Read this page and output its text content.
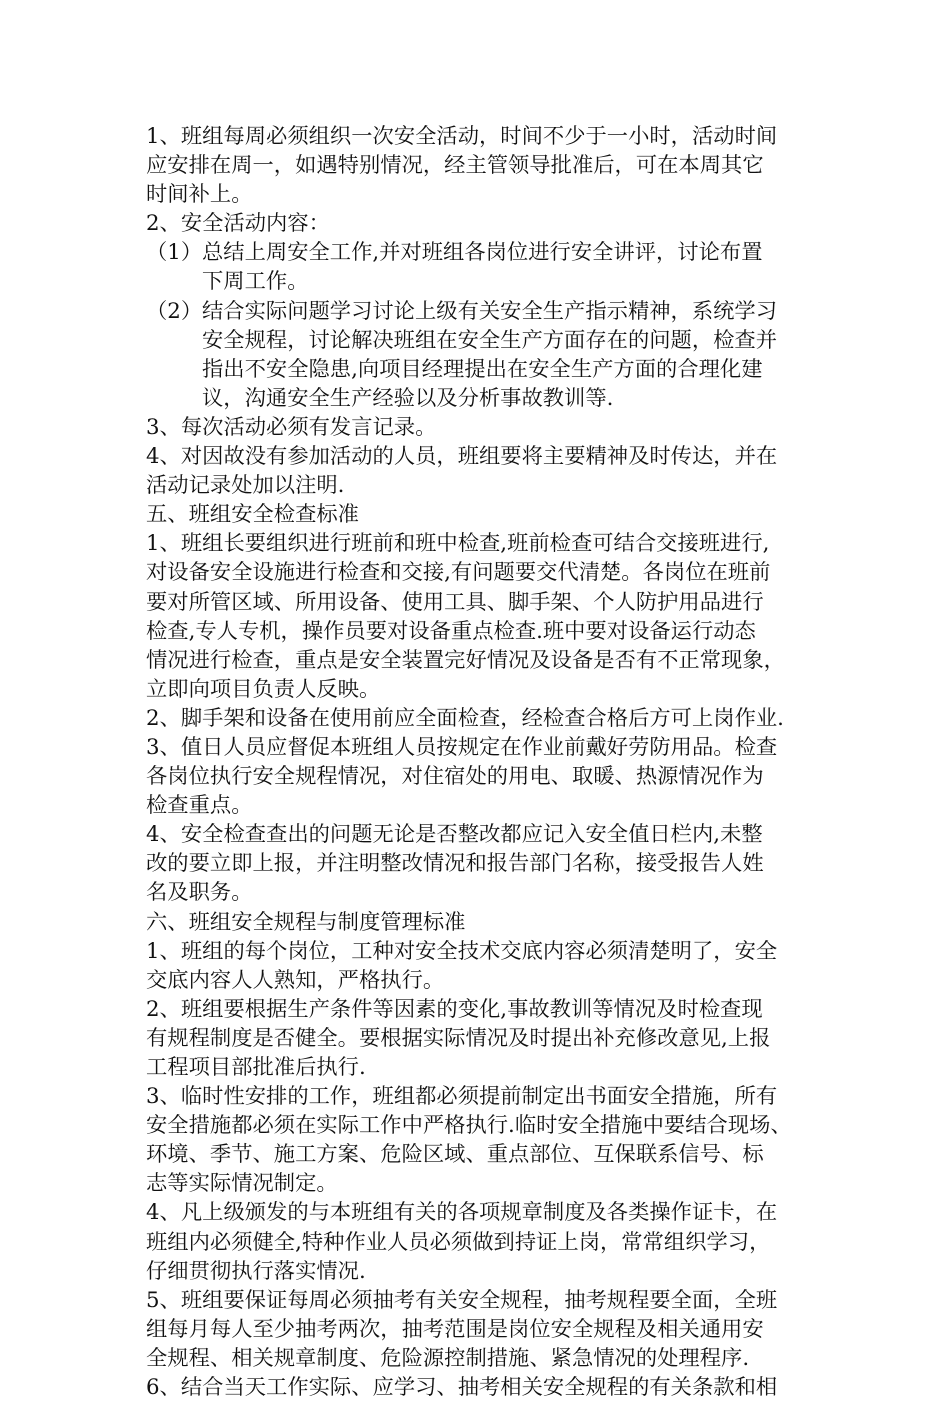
1、班组每周必须组织一次安全活动，时间不少于一小时，活动时间
应安排在周一，如遇特别情况，经主管领导批准后，可在本周其它
时间补上。
2、安全活动内容：
（1） 总结上周安全工作,并对班组各岗位进行安全讲评，讨论布置
下周工作。
（2） 结合实际问题学习讨论上级有关安全生产指示精神，系统学习
安全规程，讨论解决班组在安全生产方面存在的问题，检查并
指出不安全隐患,向项目经理提出在安全生产方面的合理化建
议，沟通安全生产经验以及分析事故教训等.
3、每次活动必须有发言记录。
4、对因故没有参加活动的人员，班组要将主要精神及时传达，并在
活动记录处加以注明.
五、班组安全检查标准
1、班组长要组织进行班前和班中检查,班前检查可结合交接班进行,
对设备安全设施进行检查和交接,有问题要交代清楚。各岗位在班前
要对所管区域、所用设备、使用工具、脚手架、个人防护用品进行
检查,专人专机，操作员要对设备重点检查.班中要对设备运行动态
情况进行检查，重点是安全装置完好情况及设备是否有不正常现象，
立即向项目负责人反映。
2、脚手架和设备在使用前应全面检查，经检查合格后方可上岗作业.
3、值日人员应督促本班组人员按规定在作业前戴好劳防用品。检查
各岗位执行安全规程情况，对住宿处的用电、取暖、热源情况作为
检查重点。
4、安全检查查出的问题无论是否整改都应记入安全值日栏内,未整
改的要立即上报，并注明整改情况和报告部门名称，接受报告人姓
名及职务。
六、班组安全规程与制度管理标准
1、班组的每个岗位，工种对安全技术交底内容必须清楚明了，安全
交底内容人人熟知，严格执行。
2、班组要根据生产条件等因素的变化,事故教训等情况及时检查现
有规程制度是否健全。要根据实际情况及时提出补充修改意见,上报
工程项目部批准后执行.
3、临时性安排的工作，班组都必须提前制定出书面安全措施，所有
安全措施都必须在实际工作中严格执行.临时安全措施中要结合现场、
环境、季节、施工方案、危险区域、重点部位、互保联系信号、标
志等实际情况制定。
4、凡上级颁发的与本班组有关的各项规章制度及各类操作证卡，在
班组内必须健全,特种作业人员必须做到持证上岗，常常组织学习，
仔细贯彻执行落实情况.
5、班组要保证每周必须抽考有关安全规程，抽考规程要全面，全班
组每月每人至少抽考两次，抽考范围是岗位安全规程及相关通用安
全规程、相关规章制度、危险源控制措施、紧急情况的处理程序.
6、结合当天工作实际、应学习、抽考相关安全规程的有关条款和相
